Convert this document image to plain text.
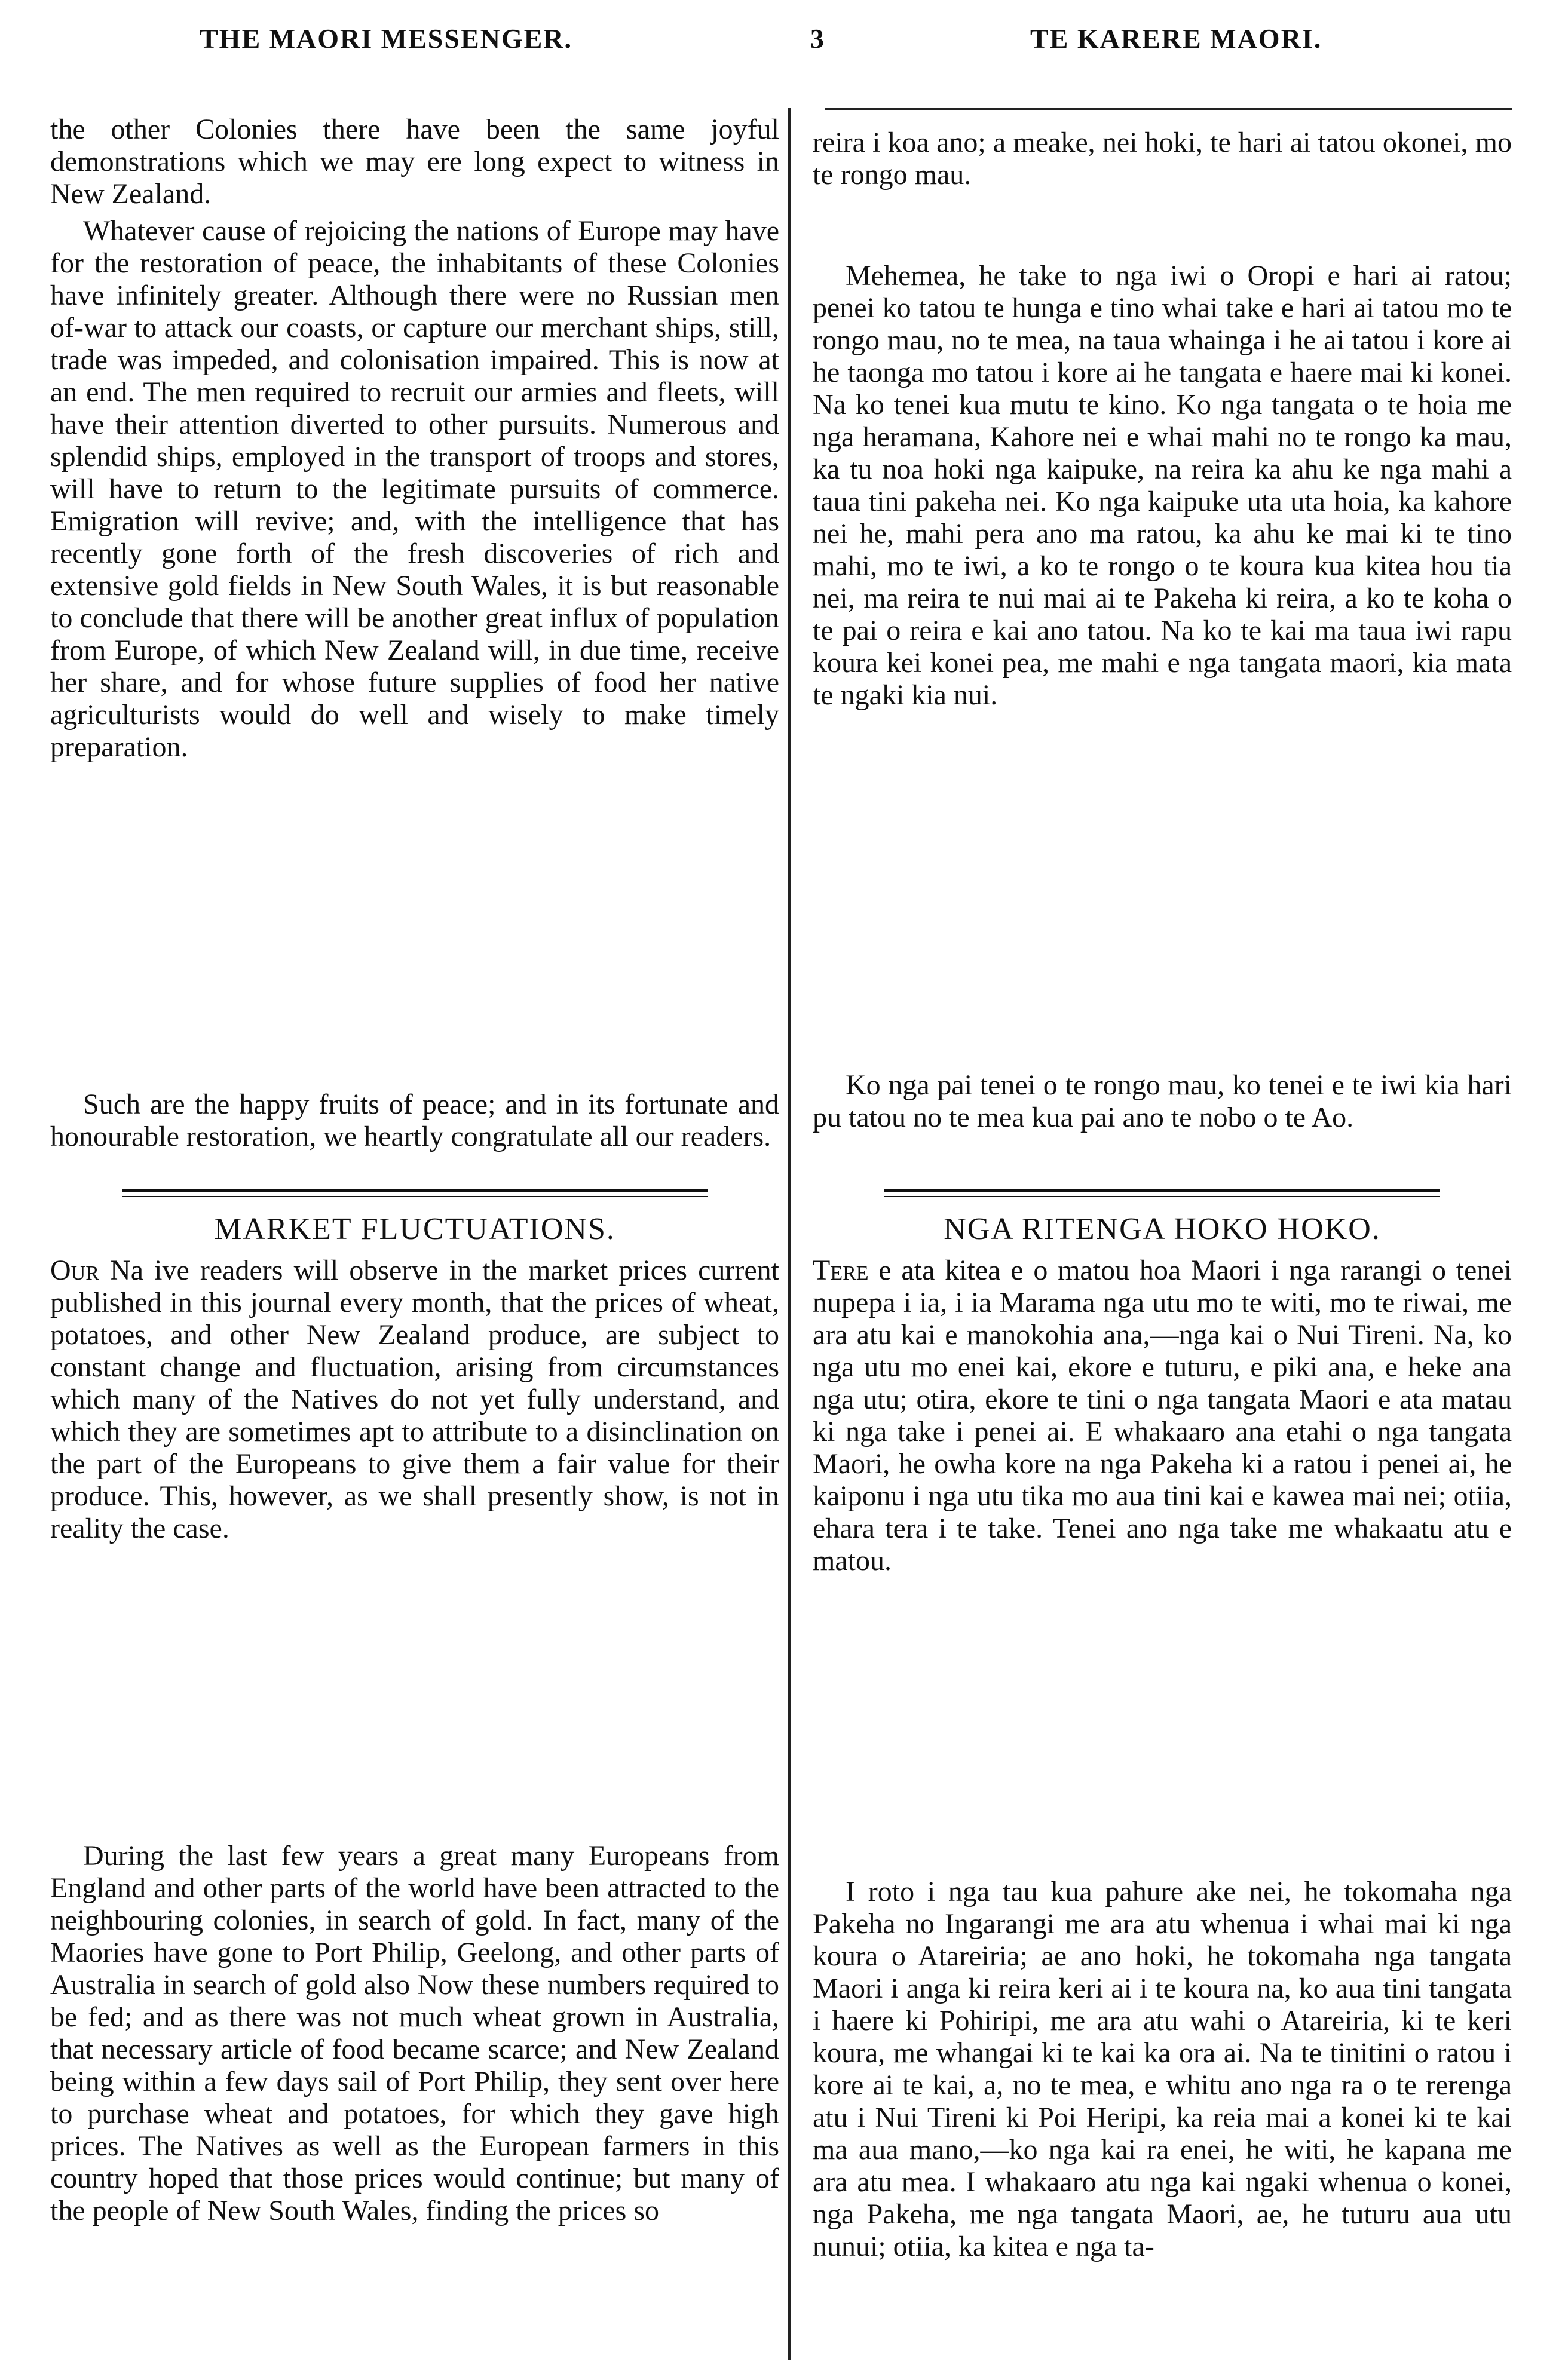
THE MAORI MESSENGER.	3	TE KARERE MAORI.

the other Colonies there have been the same joyful demonstrations which we may ere long expect to witness in New Zealand.

Whatever cause of rejoicing the nations of Europe may have for the restoration of peace, the inhabitants of these Colonies have infinitely greater. Although there were no Russian men of-war to attack our coasts, or capture our merchant ships, still, trade was impeded, and colonisation impaired. This is now at an end. The men required to recruit our armies and fleets, will have their attention diverted to other pursuits. Numerous and splendid ships, employed in the transport of troops and stores, will have to return to the legitimate pursuits of commerce. Emigration will revive; and, with the intelligence that has recently gone forth of the fresh discoveries of rich and extensive gold fields in New South Wales, it is but reasonable to conclude that there will be another great influx of population from Europe, of which New Zealand will, in due time, receive her share, and for whose future supplies of food her native agriculturists would do well and wisely to make timely preparation.

Such are the happy fruits of peace; and in its fortunate and honourable restoration, we heartly congratulate all our readers.

MARKET FLUCTUATIONS.

Our Na ive readers will observe in the market prices current published in this journal every month, that the prices of wheat, potatoes, and other New Zealand produce, are subject to constant change and fluctuation, arising from circumstances which many of the Natives do not yet fully understand, and which they are sometimes apt to attribute to a disinclination on the part of the Europeans to give them a fair value for their produce. This, however, as we shall presently show, is not in reality the case.

During the last few years a great many Europeans from England and other parts of the world have been attracted to the neighbouring colonies, in search of gold. In fact, many of the Maories have gone to Port Philip, Geelong, and other parts of Australia in search of gold also Now these numbers required to be fed; and as there was not much wheat grown in Australia, that necessary article of food became scarce; and New Zealand being within a few days sail of Port Philip, they sent over here to purchase wheat and potatoes, for which they gave high prices. The Natives as well as the European farmers in this country hoped that those prices would continue; but many of the people of New South Wales, finding the prices so

reira i koa ano; a meake, nei hoki, te hari ai tatou okonei, mo te rongo mau.

Mehemea, he take to nga iwi o Oropi e hari ai ratou; penei ko tatou te hunga e tino whai take e hari ai tatou mo te rongo mau, no te mea, na taua whainga i he ai tatou i kore ai he taonga mo tatou i kore ai he tangata e haere mai ki konei. Na ko tenei kua mutu te kino. Ko nga tangata o te hoia me nga heramana, Kahore nei e whai mahi no te rongo ka mau, ka tu noa hoki nga kaipuke, na reira ka ahu ke nga mahi a taua tini pakeha nei. Ko nga kaipuke uta uta hoia, ka kahore nei he, mahi pera ano ma ratou, ka ahu ke mai ki te tino mahi, mo te iwi, a ko te rongo o te koura kua kitea hou tia nei, ma reira te nui mai ai te Pakeha ki reira, a ko te koha o te pai o reira e kai ano tatou. Na ko te kai ma taua iwi rapu koura kei konei pea, me mahi e nga tangata maori, kia mata te ngaki kia nui.

Ko nga pai tenei o te rongo mau, ko tenei e te iwi kia hari pu tatou no te mea kua pai ano te nobo o te Ao.

NGA RITENGA HOKO HOKO.

Tere e ata kitea e o matou hoa Maori i nga rarangi o tenei nupepa i ia, i ia Marama nga utu mo te witi, mo te riwai, me ara atu kai e manokohia ana,—nga kai o Nui Tireni. Na, ko nga utu mo enei kai, ekore e tuturu, e piki ana, e heke ana nga utu; otira, ekore te tini o nga tangata Maori e ata matau ki nga take i penei ai. E whakaaro ana etahi o nga tangata Maori, he owha kore na nga Pakeha ki a ratou i penei ai, he kaiponu i nga utu tika mo aua tini kai e kawea mai nei; otiia, ehara tera i te take. Tenei ano nga take me whakaatu atu e matou.

I roto i nga tau kua pahure ake nei, he tokomaha nga Pakeha no Ingarangi me ara atu whenua i whai mai ki nga koura o Atareiria; ae ano hoki, he tokomaha nga tangata Maori i anga ki reira keri ai i te koura na, ko aua tini tangata i haere ki Pohiripi, me ara atu wahi o Atareiria, ki te keri koura, me whangai ki te kai ka ora ai. Na te tinitini o ratou i kore ai te kai, a, no te mea, e whitu ano nga ra o te rerenga atu i Nui Tireni ki Poi Heripi, ka reia mai a konei ki te kai ma aua mano,—ko nga kai ra enei, he witi, he kapana me ara atu mea. I whakaaro atu nga kai ngaki whenua o konei, nga Pakeha, me nga tangata Maori, ae, he tuturu aua utu nunui; otiia, ka kitea e nga ta-
